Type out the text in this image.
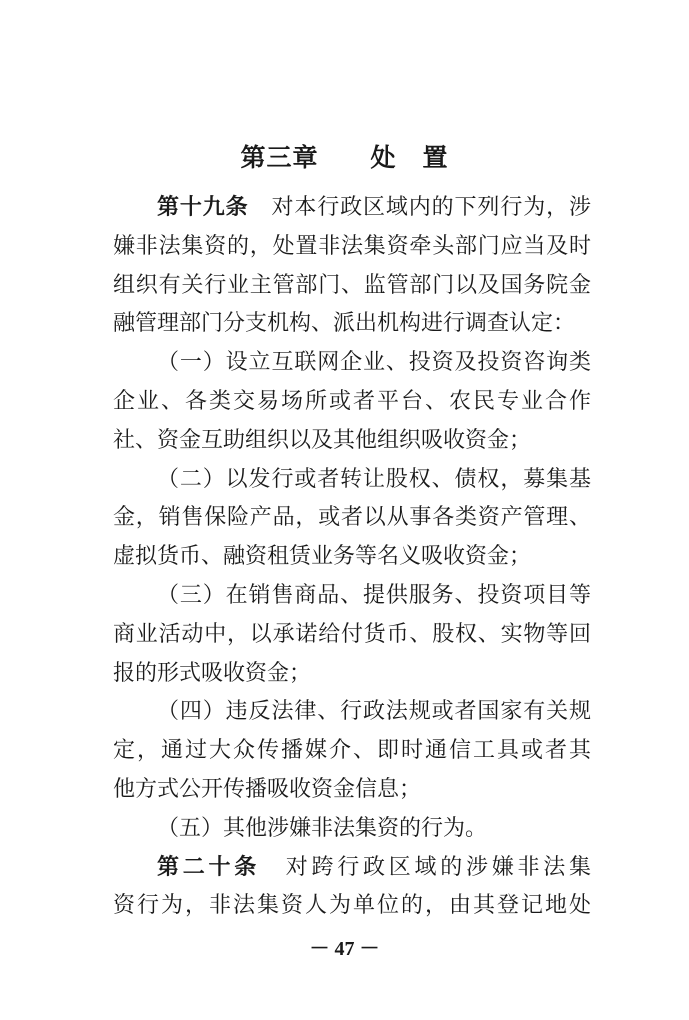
第三章　　处　置
第十九条　对本行政区域内的下列行为，涉
嫌非法集资的，处置非法集资牵头部门应当及时
组织有关行业主管部门、监管部门以及国务院金
融管理部门分支机构、派出机构进行调查认定：
（一）设立互联网企业、投资及投资咨询类
企业、各类交易场所或者平台、农民专业合作
社、资金互助组织以及其他组织吸收资金；
（二）以发行或者转让股权、债权，募集基
金，销售保险产品，或者以从事各类资产管理、
虚拟货币、融资租赁业务等名义吸收资金；
（三）在销售商品、提供服务、投资项目等
商业活动中，以承诺给付货币、股权、实物等回
报的形式吸收资金；
（四）违反法律、行政法规或者国家有关规
定，通过大众传播媒介、即时通信工具或者其
他方式公开传播吸收资金信息；
（五）其他涉嫌非法集资的行为。
第二十条　对跨行政区域的涉嫌非法集
资行为，非法集资人为单位的，由其登记地处
－ 47 －
